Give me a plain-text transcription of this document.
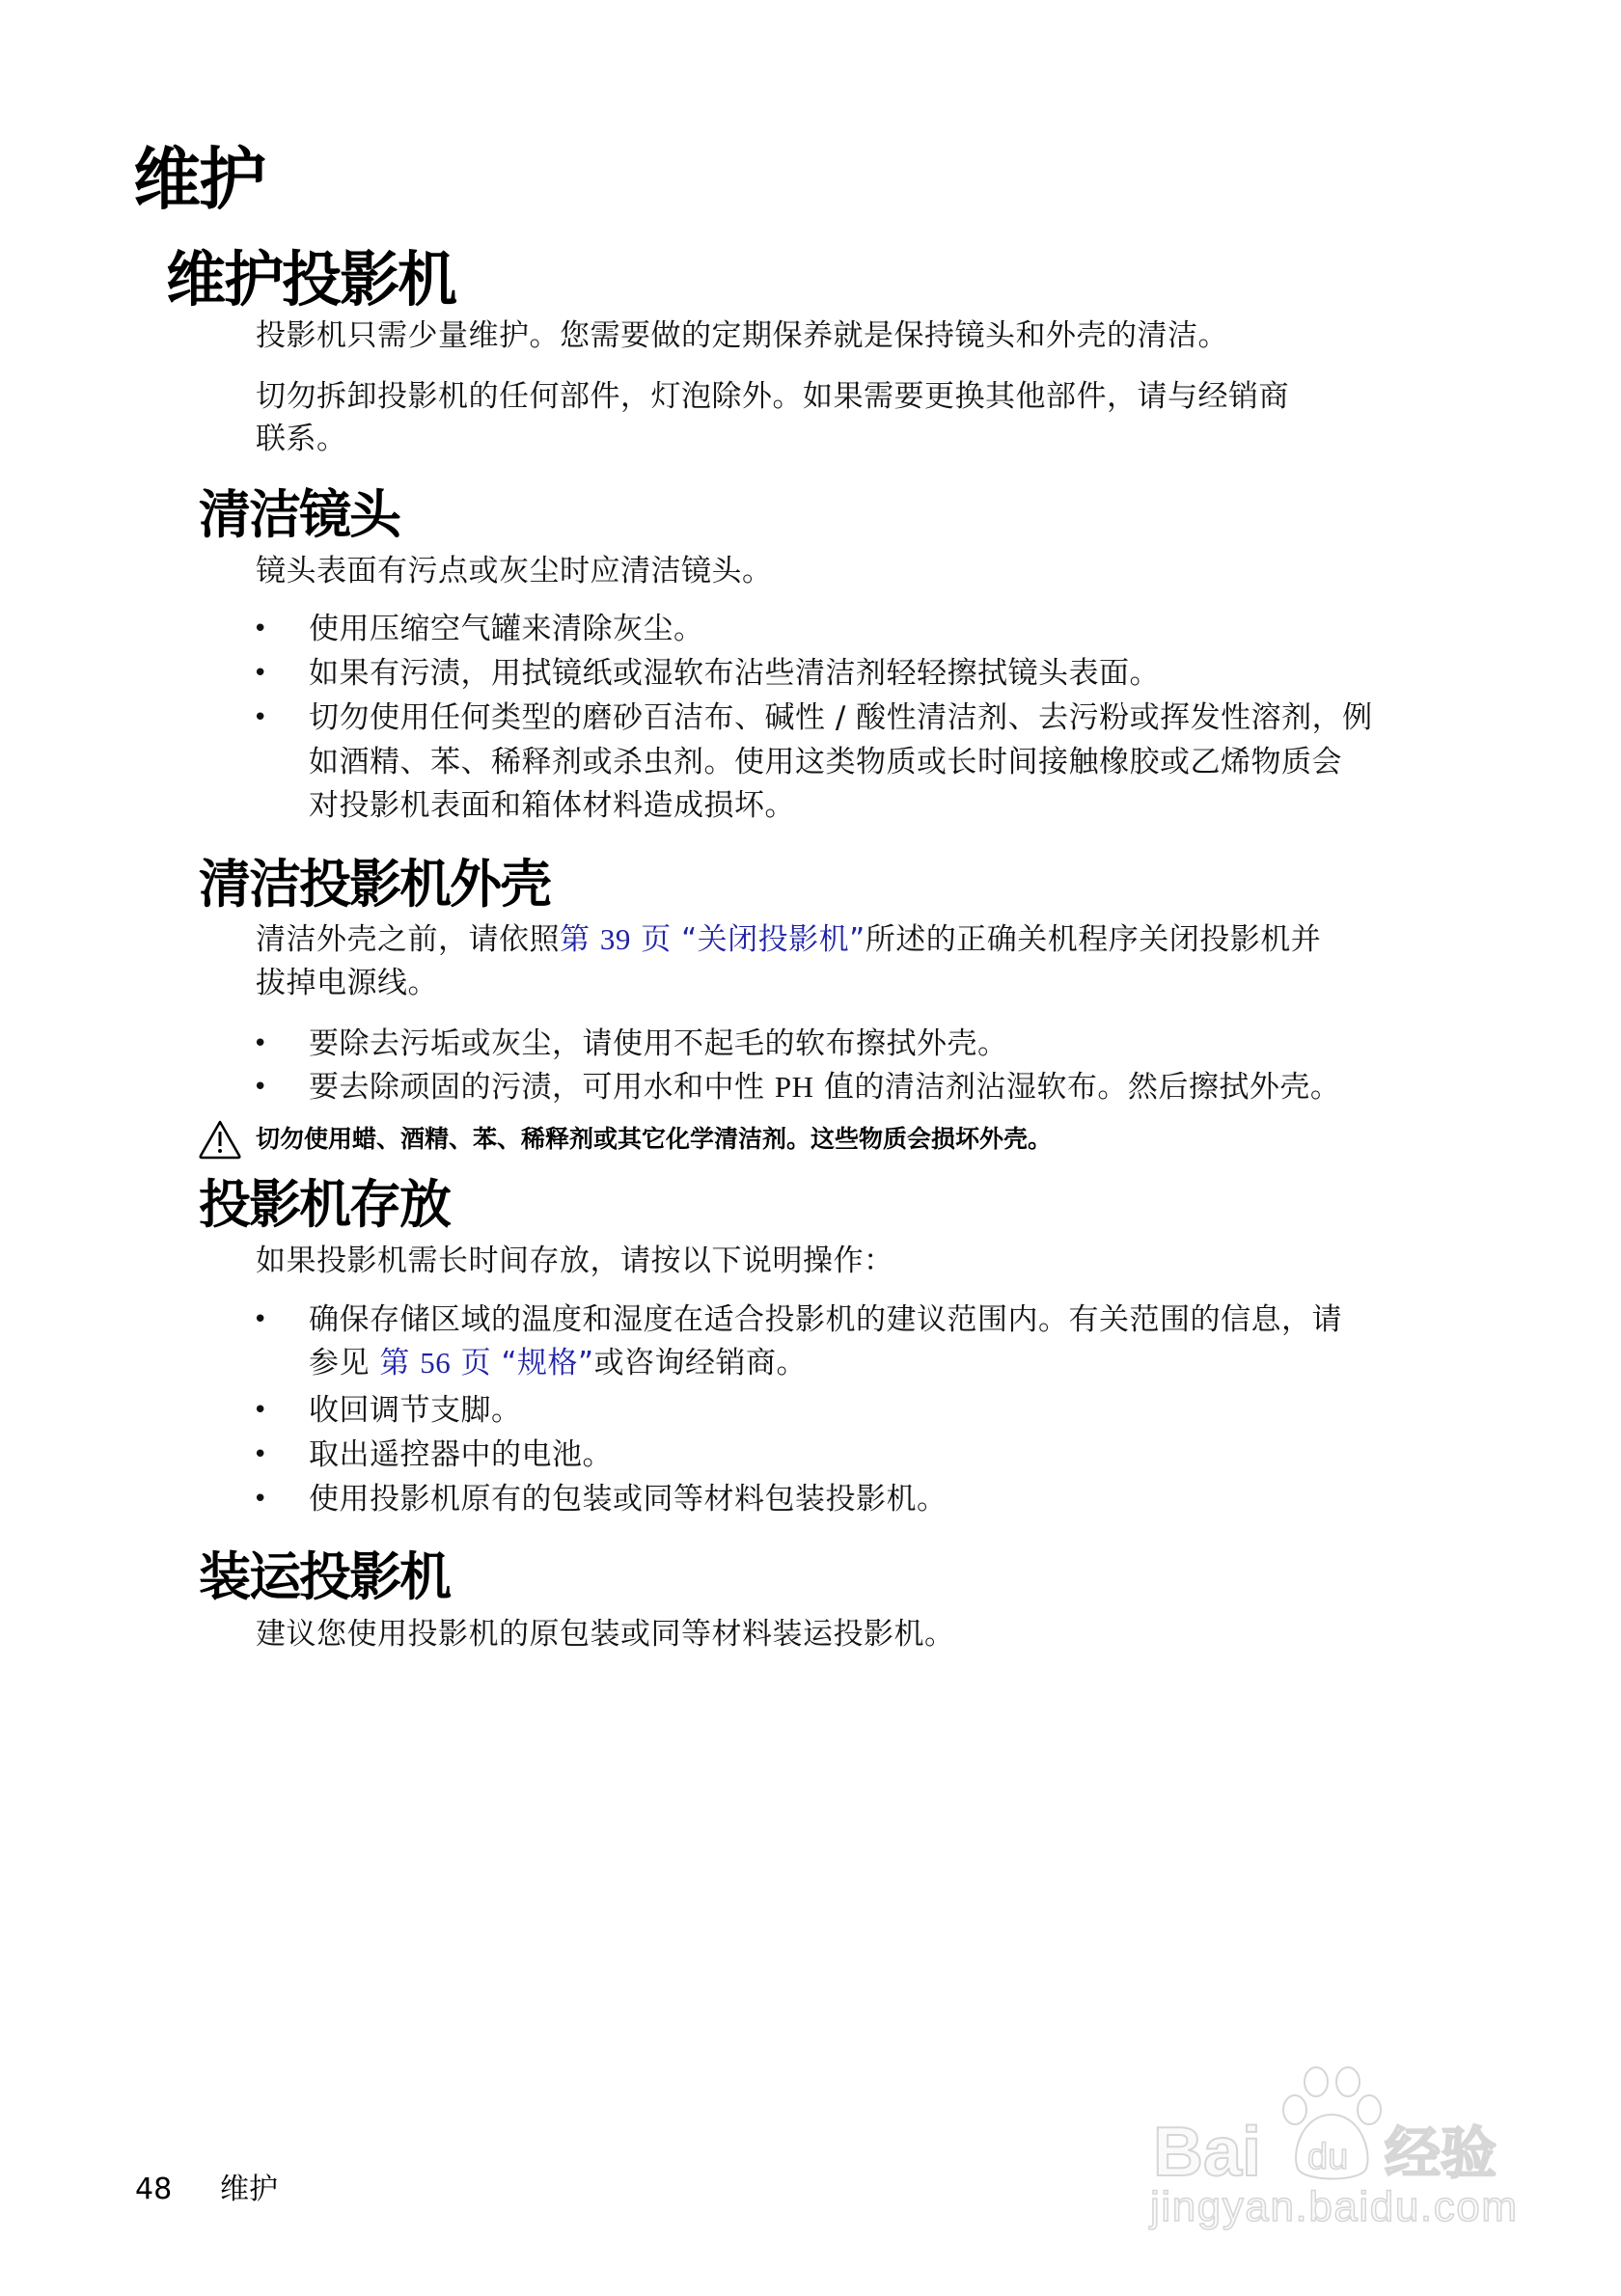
维护
维护投影机
投影机只需少量维护。您需要做的定期保养就是保持镜头和外壳的清洁。
切勿拆卸投影机的任何部件，灯泡除外。如果需要更换其他部件，请与经销商
联系。
清洁镜头
镜头表面有污点或灰尘时应清洁镜头。
• 使用压缩空气罐来清除灰尘。
• 如果有污渍，用拭镜纸或湿软布沾些清洁剂轻轻擦拭镜头表面。
• 切勿使用任何类型的磨砂百洁布、碱性 / 酸性清洁剂、去污粉或挥发性溶剂，例
如酒精、苯、稀释剂或杀虫剂。使用这类物质或长时间接触橡胶或乙烯物质会
对投影机表面和箱体材料造成损坏。
清洁投影机外壳
清洁外壳之前，请依照第 39 页 “关闭投影机”所述的正确关机程序关闭投影机并
拔掉电源线。
• 要除去污垢或灰尘，请使用不起毛的软布擦拭外壳。
• 要去除顽固的污渍，可用水和中性 PH 值的清洁剂沾湿软布。然后擦拭外壳。
切勿使用蜡、酒精、苯、稀释剂或其它化学清洁剂。这些物质会损坏外壳。
投影机存放
如果投影机需长时间存放，请按以下说明操作：
• 确保存储区域的温度和湿度在适合投影机的建议范围内。有关范围的信息，请
参见 第 56 页 “规格”或咨询经销商。
• 收回调节支脚。
• 取出遥控器中的电池。
• 使用投影机原有的包装或同等材料包装投影机。
装运投影机
建议您使用投影机的原包装或同等材料装运投影机。
48 维护	Bai du 经验
jingyan.baidu.com
